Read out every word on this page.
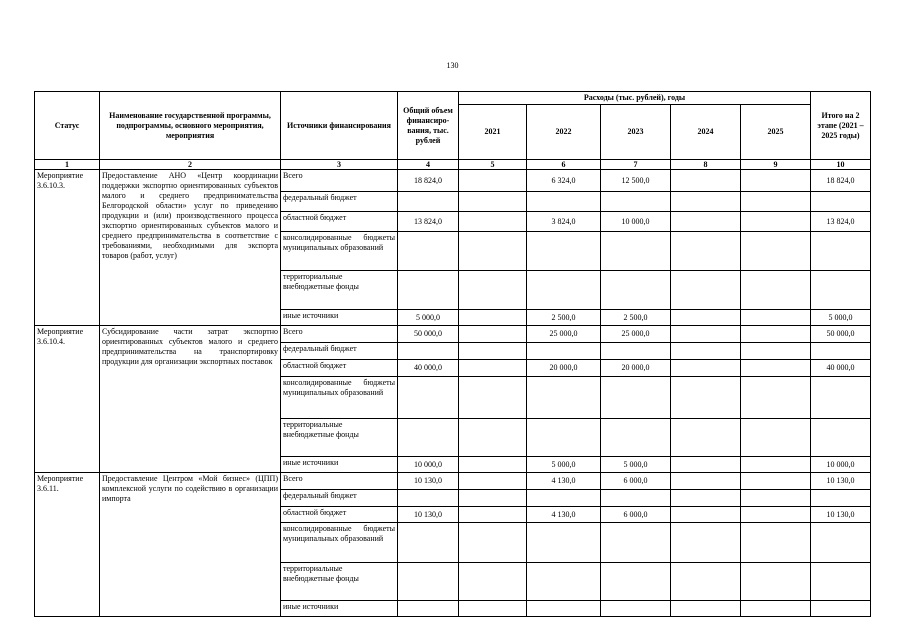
130
Статус	Наименование государственной программы, подпрограммы, основного мероприятия, мероприятия	Источники финансирования	Общий объем финансиро-вания, тыс. рублей	Расходы (тыс. рублей), годы					Итого на 2 этапе (2021 – 2025 годы)
				2021	2022	2023	2024	2025	
1	2	3	4	5	6	7	8	9	10
Мероприятие 3.6.10.3.	Предоставление АНО «Центр координации поддержки экспортно ориентированных субъектов малого и среднего предпринимательства Белгородской области» услуг по приведению продукции и (или) производственного процесса экспортно ориентированных субъектов малого и среднего предпринимательства в соответствие с требованиями, необходимыми для экспорта товаров (работ, услуг)	Всего	18 824,0		6 324,0	12 500,0			18 824,0
		федеральный бюджет							
		областной бюджет	13 824,0		3 824,0	10 000,0			13 824,0
		консолидированные бюджеты муниципальных образований							
		территориальные внебюджетные фонды							
		иные источники	5 000,0		2 500,0	2 500,0			5 000,0
Мероприятие 3.6.10.4.	Субсидирование части затрат экспортно ориентированных субъектов малого и среднего предпринимательства на транспортировку продукции для организации экспортных поставок	Всего	50 000,0		25 000,0	25 000,0			50 000,0
		федеральный бюджет							
		областной бюджет	40 000,0		20 000,0	20 000,0			40 000,0
		консолидированные бюджеты муниципальных образований							
		территориальные внебюджетные фонды							
		иные источники	10 000,0		5 000,0	5 000,0			10 000,0
Мероприятие 3.6.11.	Предоставление Центром «Мой бизнес» (ЦПП) комплексной услуги по содействию в организации импорта	Всего	10 130,0		4 130,0	6 000,0			10 130,0
		федеральный бюджет							
		областной бюджет	10 130,0		4 130,0	6 000,0			10 130,0
		консолидированные бюджеты муниципальных образований							
		территориальные внебюджетные фонды							
		иные источники							
